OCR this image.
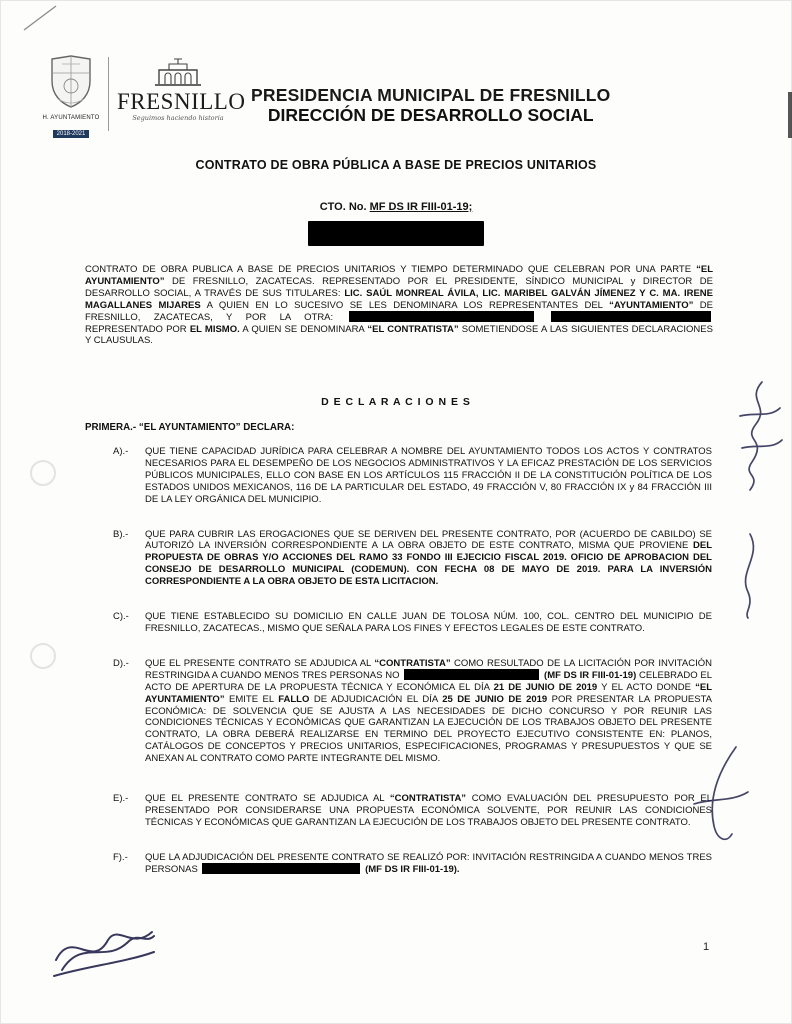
H. AYUNTAMIENTO
2018-2021
FRESNILLO
Seguimos haciendo historia
PRESIDENCIA MUNICIPAL DE FRESNILLO
DIRECCIÓN DE DESARROLLO SOCIAL
CONTRATO DE OBRA PÚBLICA A BASE DE PRECIOS UNITARIOS
CTO. No. MF DS IR FIII-01-19;
CONTRATO DE OBRA PUBLICA A BASE DE PRECIOS UNITARIOS Y TIEMPO DETERMINADO QUE CELEBRAN POR UNA PARTE “EL AYUNTAMIENTO” DE FRESNILLO, ZACATECAS. REPRESENTADO POR EL PRESIDENTE, SÍNDICO MUNICIPAL y DIRECTOR DE DESARROLLO SOCIAL, A TRAVÉS DE SUS TITULARES: LIC. SAÚL MONREAL ÁVILA, LIC. MARIBEL GALVÁN JÍMENEZ Y C. MA. IRENE MAGALLANES MIJARES A QUIEN EN LO SUCESIVO SE LES DENOMINARA LOS REPRESENTANTES DEL “AYUNTAMIENTO” DE FRESNILLO, ZACATECAS, Y POR LA OTRA:   REPRESENTADO POR EL MISMO. A QUIEN SE DENOMINARA “EL CONTRATISTA” SOMETIENDOSE A LAS SIGUIENTES DECLARACIONES Y CLAUSULAS.
D E C L A R A C I O N E S
PRIMERA.- “EL AYUNTAMIENTO” DECLARA:
A).-	QUE TIENE CAPACIDAD JURÍDICA PARA CELEBRAR A NOMBRE DEL AYUNTAMIENTO TODOS LOS ACTOS Y CONTRATOS NECESARIOS PARA EL DESEMPEÑO DE LOS NEGOCIOS ADMINISTRATIVOS Y LA EFICAZ PRESTACIÓN DE LOS SERVICIOS PÚBLICOS MUNICIPALES, ELLO CON BASE EN LOS ARTÍCULOS 115 FRACCIÓN II DE LA CONSTITUCIÓN POLÍTICA DE LOS ESTADOS UNIDOS MEXICANOS, 116 DE LA PARTICULAR DEL ESTADO, 49 FRACCIÓN V, 80 FRACCIÓN IX y 84 FRACCIÓN III DE LA LEY ORGÁNICA DEL MUNICIPIO.
B).-	QUE PARA CUBRIR LAS EROGACIONES QUE SE DERIVEN DEL PRESENTE CONTRATO, POR (ACUERDO DE CABILDO) SE AUTORIZÓ LA INVERSIÓN CORRESPONDIENTE A LA OBRA OBJETO DE ESTE CONTRATO, MISMA QUE PROVIENE DEL PROPUESTA DE OBRAS Y/O ACCIONES DEL RAMO 33 FONDO III EJECICIO FISCAL 2019. OFICIO DE APROBACION DEL CONSEJO DE DESARROLLO MUNICIPAL (CODEMUN). CON FECHA 08 DE MAYO DE 2019. PARA LA INVERSIÓN CORRESPONDIENTE A LA OBRA OBJETO DE ESTA LICITACION.
C).-	QUE TIENE ESTABLECIDO SU DOMICILIO EN CALLE JUAN DE TOLOSA NÚM. 100, COL. CENTRO DEL MUNICIPIO DE FRESNILLO, ZACATECAS., MISMO QUE SEÑALA PARA LOS FINES Y EFECTOS LEGALES DE ESTE CONTRATO.
D).-	QUE EL PRESENTE CONTRATO SE ADJUDICA AL “CONTRATISTA” COMO RESULTADO DE LA LICITACIÓN POR INVITACIÓN RESTRINGIDA A CUANDO MENOS TRES PERSONAS NO	(MF DS IR FIII-01-19) CELEBRADO EL ACTO DE APERTURA DE LA PROPUESTA TÉCNICA Y ECONÓMICA EL DÍA 21 DE JUNIO DE 2019 Y EL ACTO DONDE “EL AYUNTAMIENTO” EMITE EL FALLO DE ADJUDICACIÓN EL DÍA 25 DE JUNIO DE 2019 POR PRESENTAR LA PROPUESTA ECONÓMICA: DE SOLVENCIA QUE SE AJUSTA A LAS NECESIDADES DE DICHO CONCURSO Y POR REUNIR LAS CONDICIONES TÉCNICAS Y ECONÓMICAS QUE GARANTIZAN LA EJECUCIÓN DE LOS TRABAJOS OBJETO DEL PRESENTE CONTRATO, LA OBRA DEBERÁ REALIZARSE EN TERMINO DEL PROYECTO EJECUTIVO CONSISTENTE EN: PLANOS, CATÁLOGOS DE CONCEPTOS Y PRECIOS UNITARIOS, ESPECIFICACIONES, PROGRAMAS Y PRESUPUESTOS Y QUE SE ANEXAN AL CONTRATO COMO PARTE INTEGRANTE DEL MISMO.
E).-	QUE EL PRESENTE CONTRATO SE ADJUDICA AL “CONTRATISTA” COMO EVALUACIÓN DEL PRESUPUESTO POR EL PRESENTADO POR CONSIDERARSE UNA PROPUESTA ECONÓMICA SOLVENTE, POR REUNIR LAS CONDICIONES TÉCNICAS Y ECONÓMICAS QUE GARANTIZAN LA EJECUCIÓN DE LOS TRABAJOS OBJETO DEL PRESENTE CONTRATO.
F).-	QUE LA ADJUDICACIÓN DEL PRESENTE CONTRATO SE REALIZÓ POR: INVITACIÓN RESTRINGIDA A CUANDO MENOS TRES PERSONAS	(MF DS IR FIII-01-19).
1
